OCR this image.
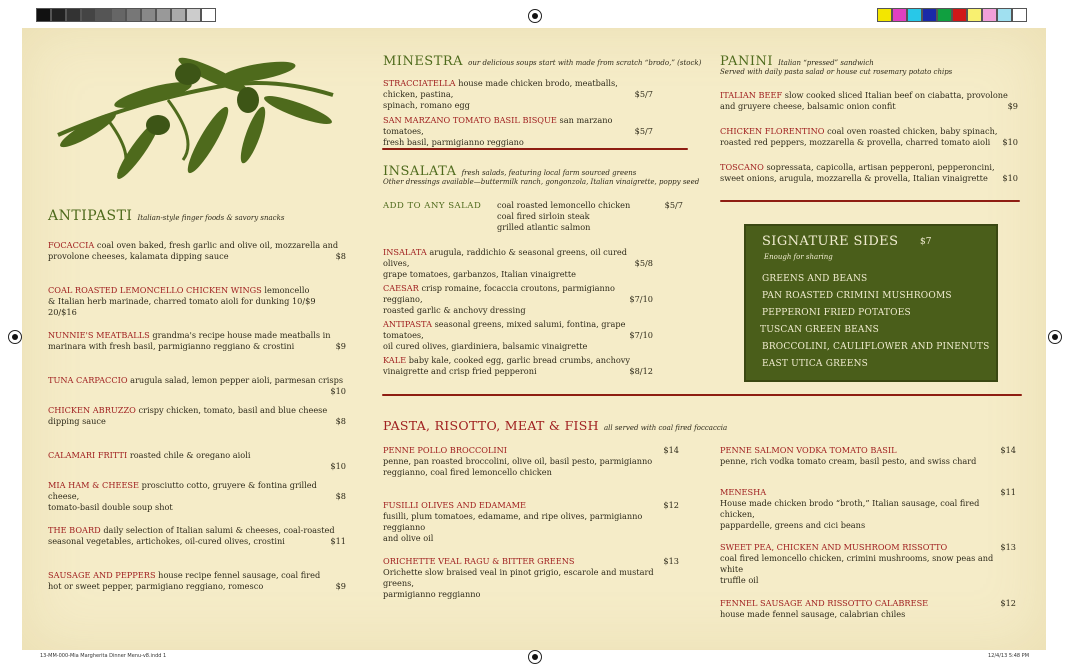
ANTIPASTI Italian-style finger foods & savory snacks
FOCACCIA coal oven baked, fresh garlic and olive oil, mozzarella and
provolone cheeses, kalamata dipping sauce	$8
COAL ROASTED LEMONCELLO CHICKEN WINGS lemoncello
& Italian herb marinade, charred tomato aioli for dunking 10/$9 20/$16
NUNNIE'S MEATBALLS grandma's recipe house made meatballs in
marinara with fresh basil, parmigianno reggiano & crostini	$9
TUNA CARPACCIO arugula salad, lemon pepper aioli, parmesan crisps
$10
CHICKEN ABRUZZO crispy chicken, tomato, basil and blue cheese
dipping sauce	$8
CALAMARI FRITTI roasted chile & oregano aioli
$10
MIA HAM & CHEESE prosciutto cotto, gruyere & fontina grilled cheese,
tomato-basil double soup shot
$8
THE BOARD daily selection of Italian salumi & cheeses, coal-roasted
seasonal vegetables, artichokes, oil-cured olives, crostini	$11
SAUSAGE AND PEPPERS house recipe fennel sausage, coal fired
hot or sweet pepper, parmigiano reggiano, romesco	$9
MINESTRA our delicious soups start with made from scratch “brodo,” (stock)
STRACCIATELLA house made chicken brodo, meatballs, chicken, pastina,
spinach, romano egg
$5/7
SAN MARZANO TOMATO BASIL BISQUE san marzano tomatoes,
fresh basil, parmigianno reggiano
$5/7
INSALATA fresh salads, featuring local farm sourced greens
Other dressings available—buttermilk ranch, gongonzola, Italian vinaigrette, poppy seed
ADD TO ANY SALAD coal roasted lemoncello chicken
coal fired sirloin steak
grilled atlantic salmon
$5/7
INSALATA arugula, raddichio & seasonal greens, oil cured olives,
grape tomatoes, garbanzos, Italian vinaigrette
$5/8
CAESAR crisp romaine, focaccia croutons, parmigianno reggiano,
roasted garlic & anchovy dressing
$7/10
ANTIPASTA seasonal greens, mixed salumi, fontina, grape tomatoes,
oil cured olives, giardiniera, balsamic vinaigrette
$7/10
KALE baby kale, cooked egg, garlic bread crumbs, anchovy
vinaigrette and crisp fried pepperoni	$8/12
PANINI Italian “pressed” sandwich
Served with daily pasta salad or house cut rosemary potato chips
ITALIAN BEEF slow cooked sliced Italian beef on ciabatta, provolone
and gruyere cheese, balsamic onion confit	$9
CHICKEN FLORENTINO coal oven roasted chicken, baby spinach,
roasted red peppers, mozzarella & provella, charred tomato aioli	$10
TOSCANO sopressata, capicolla, artisan pepperoni, pepperoncini,
sweet onions, arugula, mozzarella & provella, Italian vinaigrette	$10
SIGNATURE SIDES $7
Enough for sharing
GREENS AND BEANS
PAN ROASTED CRIMINI MUSHROOMS
PEPPERONI FRIED POTATOES
TUSCAN GREEN BEANS
BROCCOLINI, CAULIFLOWER AND PINENUTS
EAST UTICA GREENS
PASTA, RISOTTO, MEAT & FISH all served with coal fired foccaccia
PENNE POLLO BROCCOLINI
penne, pan roasted broccolini, olive oil, basil pesto, parmigianno
reggianno, coal fired lemoncello chicken
$14
FUSILLI OLIVES AND EDAMAME
fusilli, plum tomatoes, edamame, and ripe olives, parmigianno reggianno
and olive oil
$12
ORICHETTE VEAL RAGU & BITTER GREENS
Orichette slow braised veal in pinot grigio, escarole and mustard greens,
parmigianno reggianno
$13
PENNE SALMON VODKA TOMATO BASIL
penne, rich vodka tomato cream, basil pesto, and swiss chard
$14
MENESHA
House made chicken brodo “broth,” Italian sausage, coal fired chicken,
pappardelle, greens and cici beans
$11
SWEET PEA, CHICKEN AND MUSHROOM RISSOTTO
coal fired lemoncello chicken, crimini mushrooms, snow peas and white
truffle oil
$13
FENNEL SAUSAGE AND RISSOTTO CALABRESE
house made fennel sausage, calabrian chiles
$12
13-MM-000-Mia Margherita Dinner Menu-v8.indd 1	12/4/13 5:48 PM
